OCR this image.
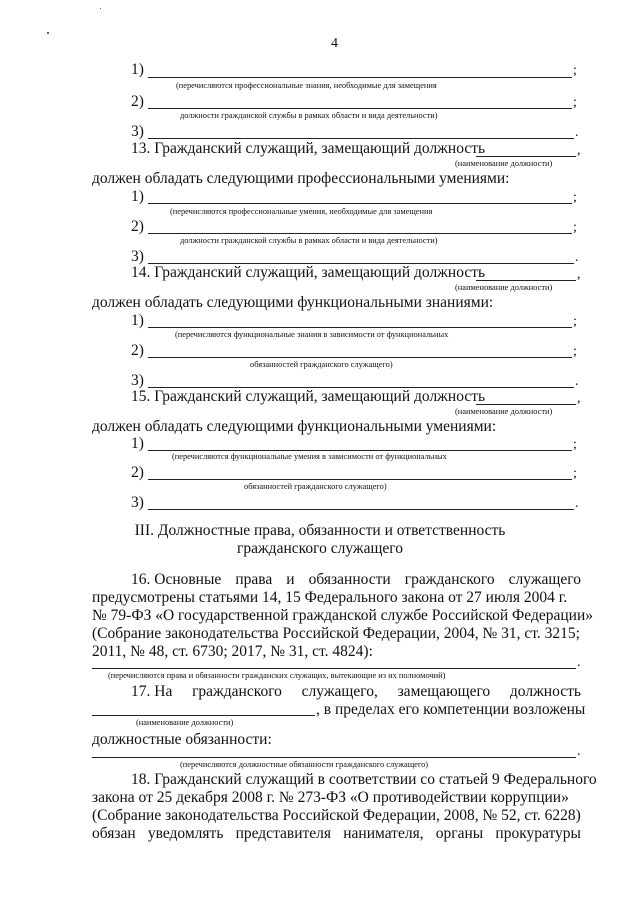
4
1)	;
(перечисляются профессиональные знания, необходимые для замещения
2)	;
должности гражданской службы в рамках области и вида деятельности)
3)	.
13. Гражданский служащий, замещающий должность	,
(наименование должности)
должен обладать следующими профессиональными умениями:
1)	;
(перечисляются профессиональные умения, необходимые для замещения
2)	;
должности гражданской службы в рамках области и вида деятельности)
3)	.
14. Гражданский служащий, замещающий должность	,
(наименование должности)
должен обладать следующими функциональными знаниями:
1)	;
(перечисляются функциональные знания в зависимости от функциональных
2)	;
обязанностей гражданского служащего)
3)	.
15. Гражданский служащий, замещающий должность	,
(наименование должности)
должен обладать следующими функциональными умениями:
1)	;
(перечисляются функциональные умения в зависимости от функциональных
2)	;
обязанностей гражданского служащего)
3)	.
III. Должностные права, обязанности и ответственность
гражданского служащего
16. Основные права и обязанности гражданского служащего
предусмотрены статьями 14, 15 Федерального закона от 27 июля 2004 г.
№ 79-ФЗ «О государственной гражданской службе Российской Федерации»
(Собрание законодательства Российской Федерации, 2004, № 31, ст. 3215;
2011, № 48, ст. 6730; 2017, № 31, ст. 4824):
.
(перечисляются права и обязанности гражданских служащих, вытекающие из их полномочий)
17. На гражданского служащего, замещающего должность
, в пределах его компетенции возложены
(наименование должности)
должностные обязанности:
.
(перечисляются должностные обязанности гражданского служащего)
18. Гражданский служащий в соответствии со статьей 9 Федерального
закона от 25 декабря 2008 г. № 273-ФЗ «О противодействии коррупции»
(Собрание законодательства Российской Федерации, 2008, № 52, ст. 6228)
обязан уведомлять представителя нанимателя, органы прокуратуры
